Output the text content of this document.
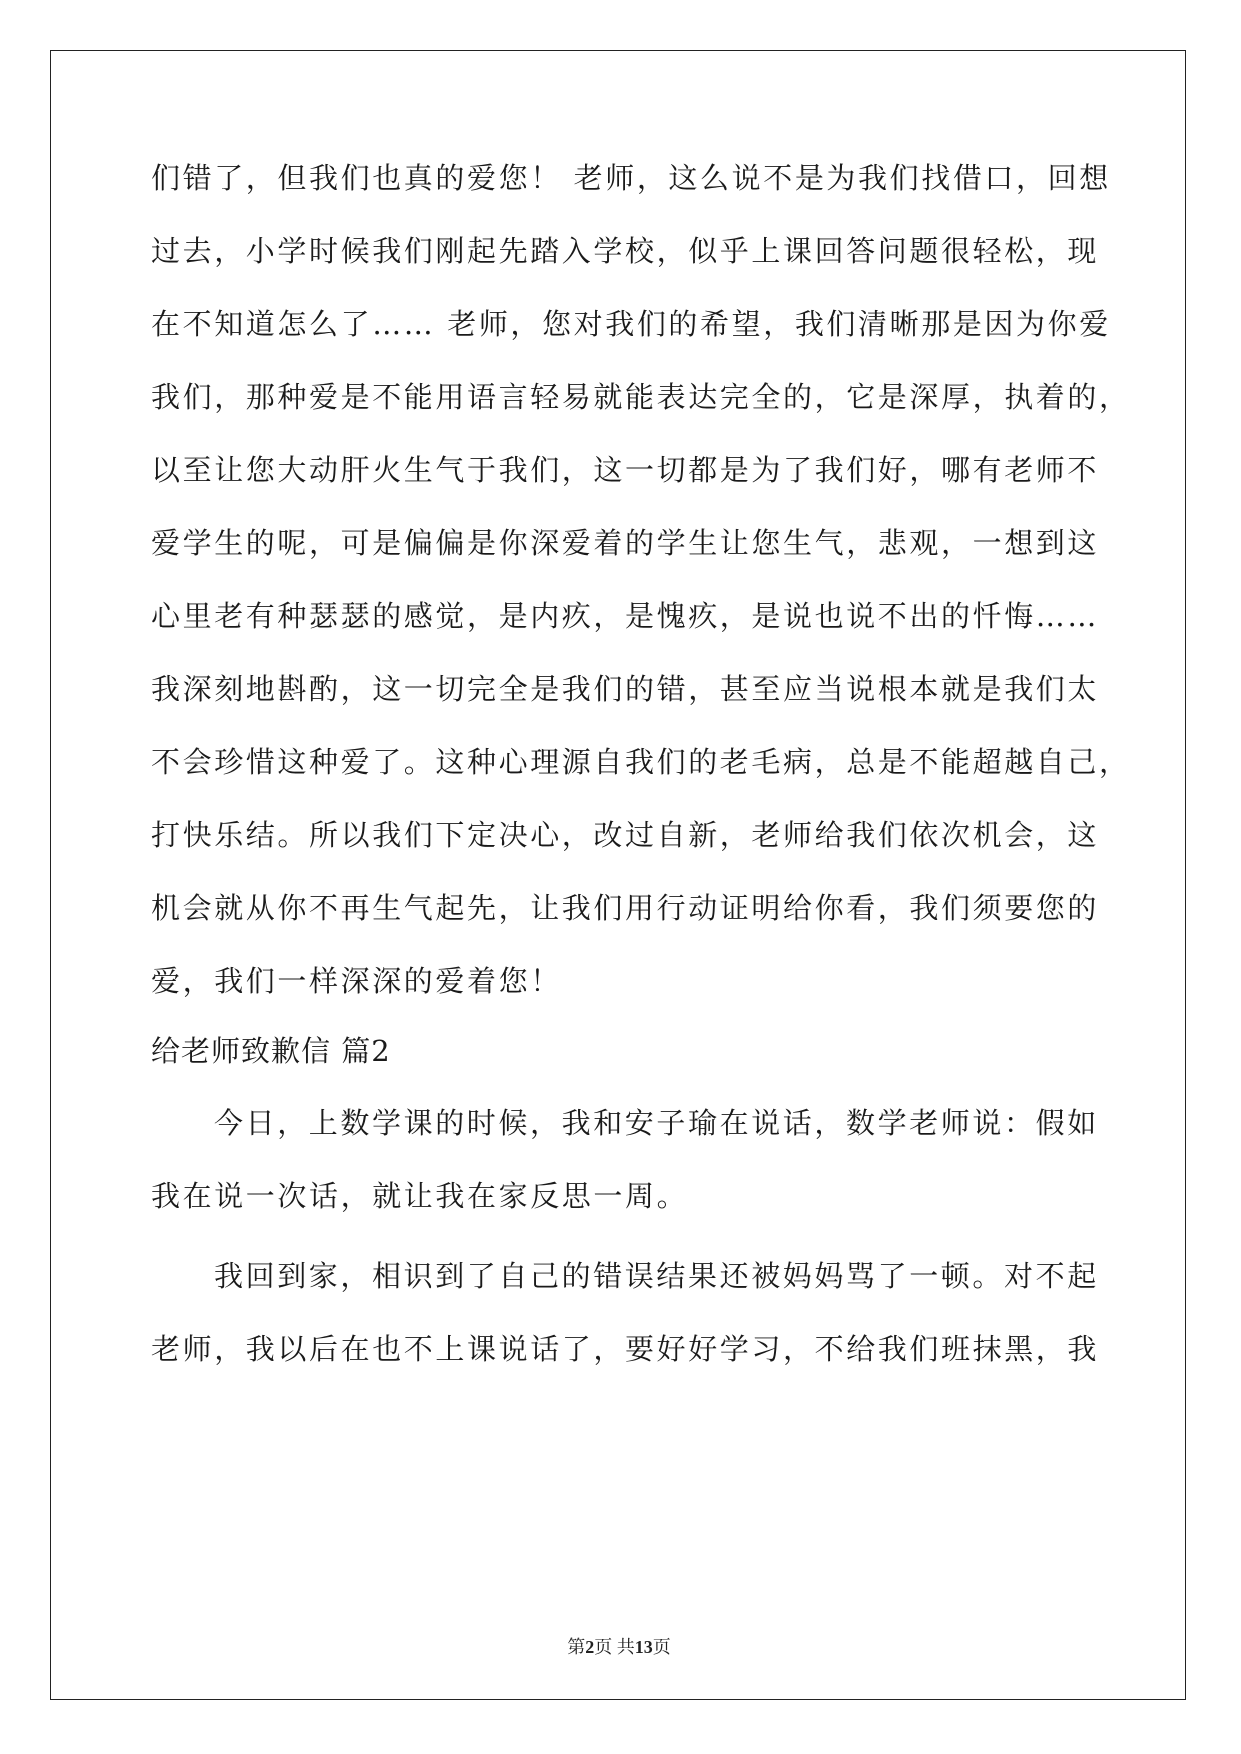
们错了，但我们也真的爱您！ 老师，这么说不是为我们找借口，回想
过去，小学时候我们刚起先踏入学校，似乎上课回答问题很轻松，现
在不知道怎么了…… 老师，您对我们的希望，我们清晰那是因为你爱
我们，那种爱是不能用语言轻易就能表达完全的，它是深厚，执着的，
以至让您大动肝火生气于我们，这一切都是为了我们好，哪有老师不
爱学生的呢，可是偏偏是你深爱着的学生让您生气，悲观，一想到这
心里老有种瑟瑟的感觉，是内疚，是愧疚，是说也说不出的忏悔……
我深刻地斟酌，这一切完全是我们的错，甚至应当说根本就是我们太
不会珍惜这种爱了。这种心理源自我们的老毛病，总是不能超越自己，
打快乐结。所以我们下定决心，改过自新，老师给我们依次机会，这
机会就从你不再生气起先，让我们用行动证明给你看，我们须要您的
爱，我们一样深深的爱着您！
给老师致歉信 篇2
今日，上数学课的时候，我和安子瑜在说话，数学老师说：假如
我在说一次话，就让我在家反思一周。
我回到家，相识到了自己的错误结果还被妈妈骂了一顿。对不起
老师，我以后在也不上课说话了，要好好学习，不给我们班抹黑，我
第2页 共13页
